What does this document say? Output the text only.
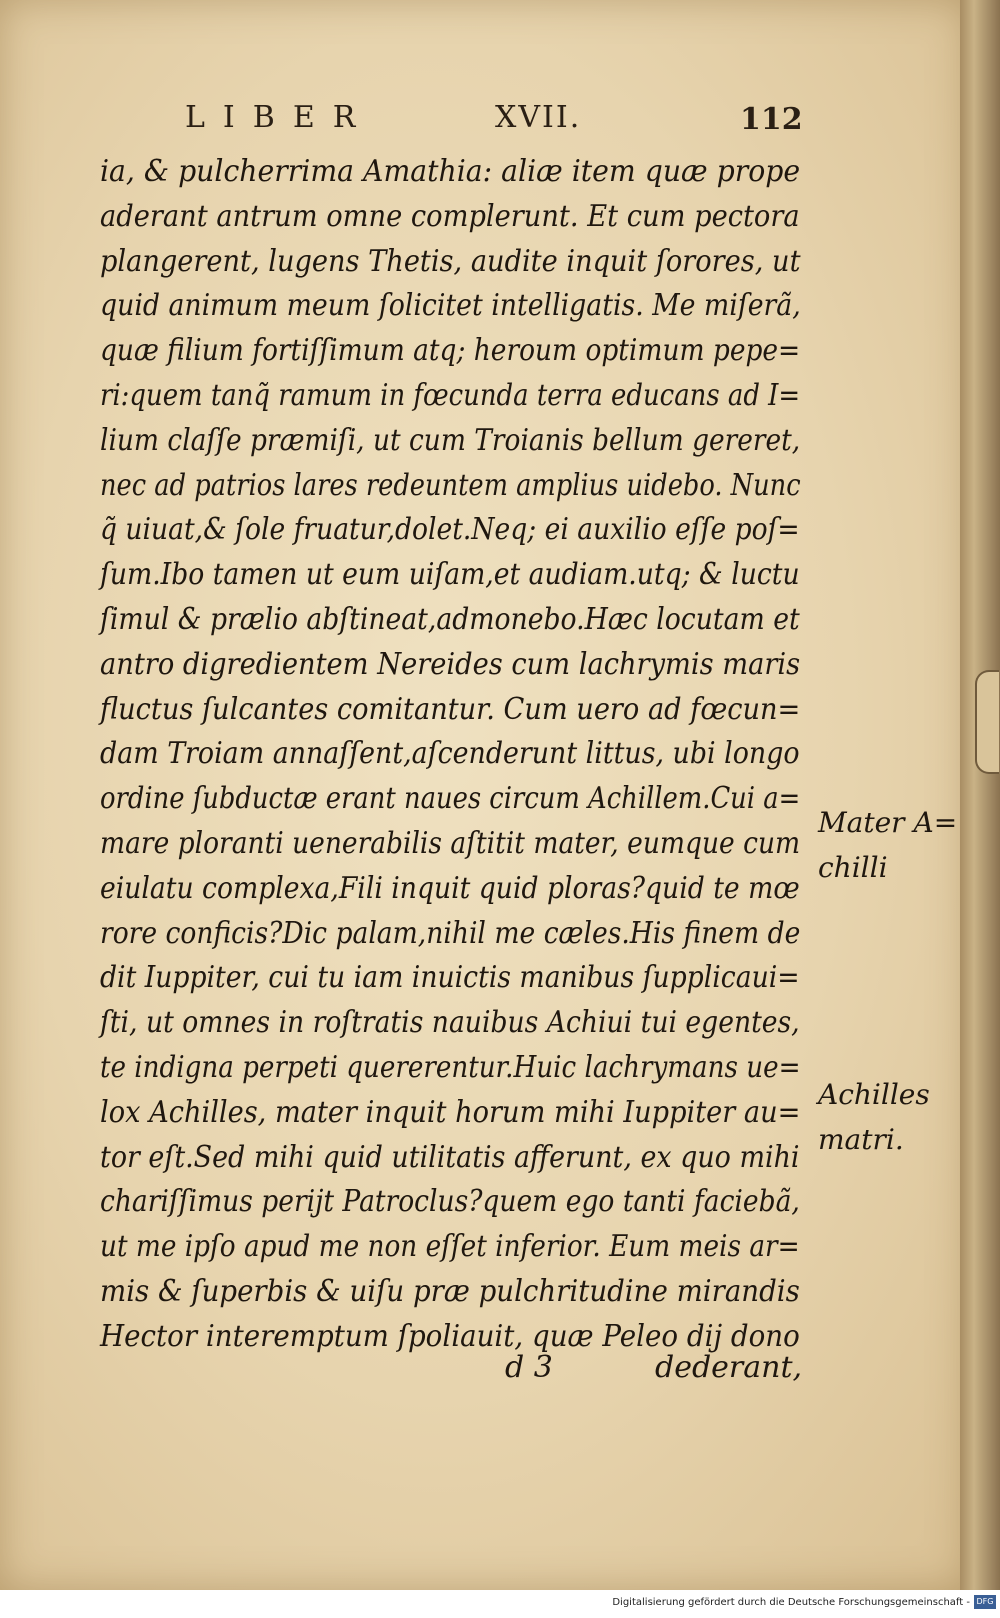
LIBER	XVII.	112
ia, & pulcherrima Amathia: aliæ item quæ prope
aderant antrum omne complerunt. Et cum pectora
plangerent, lugens Thetis, audite inquit ſorores, ut
quid animum meum ſolicitet intelligatis. Me miſerã,
quæ filium fortiſſimum atq; heroum optimum pepe=
ri:quem tanq̃ ramum in fœcunda terra educans ad I=
lium claſſe præmiſi, ut cum Troianis bellum gereret,
nec ad patrios lares redeuntem amplius uidebo. Nunc
q̃ uiuat,& ſole fruatur,dolet.Neq; ei auxilio eſſe poſ=
ſum.Ibo tamen ut eum uiſam,et audiam.utq; & luctu
ſimul & prælio abſtineat,admonebo.Hæc locutam et
antro digredientem Nereides cum lachrymis maris
fluctus ſulcantes comitantur. Cum uero ad fœcun=
dam Troiam annaſſent,aſcenderunt littus, ubi longo
ordine ſubductæ erant naues circum Achillem.Cui a=
mare ploranti uenerabilis aſtitit mater, eumque cum
eiulatu complexa,Fili inquit quid ploras?quid te mœ
rore conficis?Dic palam,nihil me cæles.His finem de
dit Iuppiter, cui tu iam inuictis manibus ſupplicaui=
ſti, ut omnes in roſtratis nauibus Achiui tui egentes,
te indigna perpeti quererentur.Huic lachrymans ue=
lox Achilles, mater inquit horum mihi Iuppiter au=
tor eſt.Sed mihi quid utilitatis afferunt, ex quo mihi
chariſſimus periјt Patroclus?quem ego tanti faciebã,
ut me ipſo apud me non eſſet inferior. Eum meis ar=
mis & ſuperbis & uiſu præ pulchritudine mirandis
Hector interemptum ſpoliauit, quæ Peleo dij dono
d 3	dederant,
Mater A=
chilli
Achilles
matri.
Digitalisierung gefördert durch die Deutsche Forschungsgemeinschaft - DFG
